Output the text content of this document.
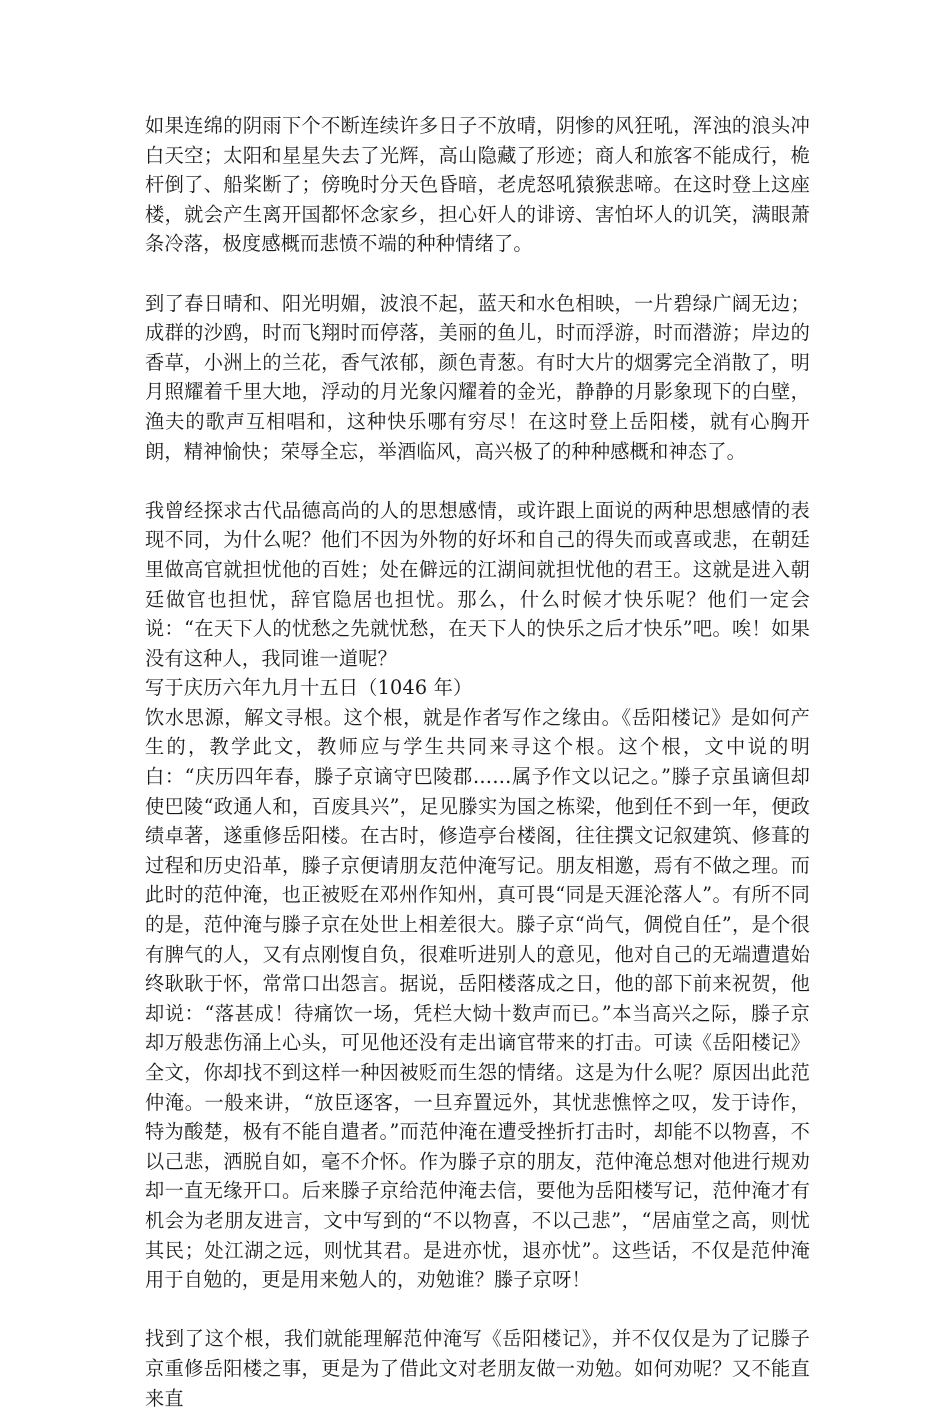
如果连绵的阴雨下个不断连续许多日子不放晴，阴惨的风狂吼，浑浊的浪头冲白天空；太阳和星星失去了光辉，高山隐藏了形迹；商人和旅客不能成行，桅杆倒了、船桨断了；傍晚时分天色昏暗，老虎怒吼猿猴悲啼。在这时登上这座楼，就会产生离开国都怀念家乡，担心奸人的诽谤、害怕坏人的讥笑，满眼萧条冷落，极度感概而悲愤不端的种种情绪了。

到了春日晴和、阳光明媚，波浪不起，蓝天和水色相映，一片碧绿广阔无边；成群的沙鸥，时而飞翔时而停落，美丽的鱼儿，时而浮游，时而潜游；岸边的香草，小洲上的兰花，香气浓郁，颜色青葱。有时大片的烟雾完全消散了，明月照耀着千里大地，浮动的月光象闪耀着的金光，静静的月影象现下的白壁，渔夫的歌声互相唱和，这种快乐哪有穷尽！在这时登上岳阳楼，就有心胸开朗，精神愉快；荣辱全忘，举酒临风，高兴极了的种种感概和神态了。

我曾经探求古代品德高尚的人的思想感情，或许跟上面说的两种思想感情的表现不同，为什么呢？他们不因为外物的好坏和自己的得失而或喜或悲，在朝廷里做高官就担忧他的百姓；处在僻远的江湖间就担忧他的君王。这就是进入朝廷做官也担忧，辞官隐居也担忧。那么，什么时候才快乐呢？他们一定会说：“在天下人的忧愁之先就忧愁，在天下人的快乐之后才快乐”吧。唉！如果没有这种人，我同谁一道呢？

写于庆历六年九月十五日（1046 年）

饮水思源，解文寻根。这个根，就是作者写作之缘由。《岳阳楼记》是如何产生的，教学此文，教师应与学生共同来寻这个根。这个根，文中说的明白：“庆历四年春，滕子京谪守巴陵郡……属予作文以记之。”滕子京虽谪但却使巴陵“政通人和，百废具兴”，足见滕实为国之栋梁，他到任不到一年，便政绩卓著，遂重修岳阳楼。在古时，修造亭台楼阁，往往撰文记叙建筑、修葺的过程和历史沿革，滕子京便请朋友范仲淹写记。朋友相邀，焉有不做之理。而此时的范仲淹，也正被贬在邓州作知州，真可畏“同是天涯沦落人”。有所不同的是，范仲淹与滕子京在处世上相差很大。滕子京“尚气，倜傥自任”，是个很有脾气的人，又有点刚愎自负，很难听进别人的意见，他对自己的无端遭遣始终耿耿于怀，常常口出怨言。据说，岳阳楼落成之日，他的部下前来祝贺，他却说：“落甚成！待痛饮一场，凭栏大恸十数声而已。”本当高兴之际，滕子京却万般悲伤涌上心头，可见他还没有走出谪官带来的打击。可读《岳阳楼记》全文，你却找不到这样一种因被贬而生怨的情绪。这是为什么呢？原因出此范仲淹。一般来讲，“放臣逐客，一旦弃置远外，其忧悲憔悴之叹，发于诗作，特为酸楚，极有不能自遣者。”而范仲淹在遭受挫折打击时，却能不以物喜，不以己悲，洒脱自如，毫不介怀。作为滕子京的朋友，范仲淹总想对他进行规劝却一直无缘开口。后来滕子京给范仲淹去信，要他为岳阳楼写记，范仲淹才有机会为老朋友进言，文中写到的“不以物喜，不以己悲”，“居庙堂之高，则忧其民；处江湖之远，则忧其君。是进亦忧，退亦忧”。这些话，不仅是范仲淹用于自勉的，更是用来勉人的，劝勉谁？滕子京呀！

找到了这个根，我们就能理解范仲淹写《岳阳楼记》，并不仅仅是为了记滕子京重修岳阳楼之事，更是为了借此文对老朋友做一劝勉。如何劝呢？又不能直来直
